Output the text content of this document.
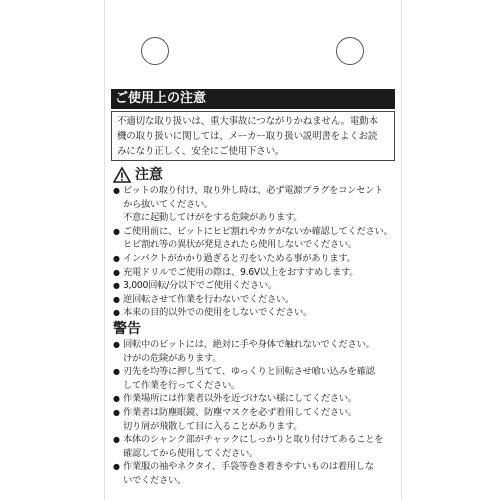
ご使用上の注意
不適切な取り扱いは、重大事故につながりかねません。電動本
機の取り扱いに関しては、メーカー取り扱い説明書をよくお読
みになり正しく、安全にご使用下さい。
注意
● ビットの取り付け、取り外し時は、必ず電源プラグをコンセント
から抜いてください。
不意に起動してけがをする危険があります。
● ご使用前に、ビットにヒビ割れやカケがないか確認してください。
ヒビ割れ等の異状が発見されたら使用しないでください。
● インパクトがかかり過ぎると刃をいためる事があります。
● 充電ドリルでご使用の際は、9.6V以上をおすすめします。
● 3,000回転/分以下でご使用ください。
● 逆回転させて作業を行わないでください。
● 本来の目的以外での使用をしないでください。
警告
● 回転中のビットには、絶対に手や身体で触れないでください。
けがの危険があります。
● 刃先を均等に押し当てて、ゆっくりと回転させ喰い込みを確認
して作業を行ってください。
● 作業場所には作業者以外を近づけない様にしてください。
● 作業者は防塵眼鏡、防塵マスクを必ず着用してください。
切り屑が飛散して目に入ることがあります。
● 本体のシャンク部がチャックにしっかりと取り付けてあることを
確認してから使用してください。
● 作業服の袖やネクタイ、手袋等巻き着きやすいものは着用しな
いでください。
